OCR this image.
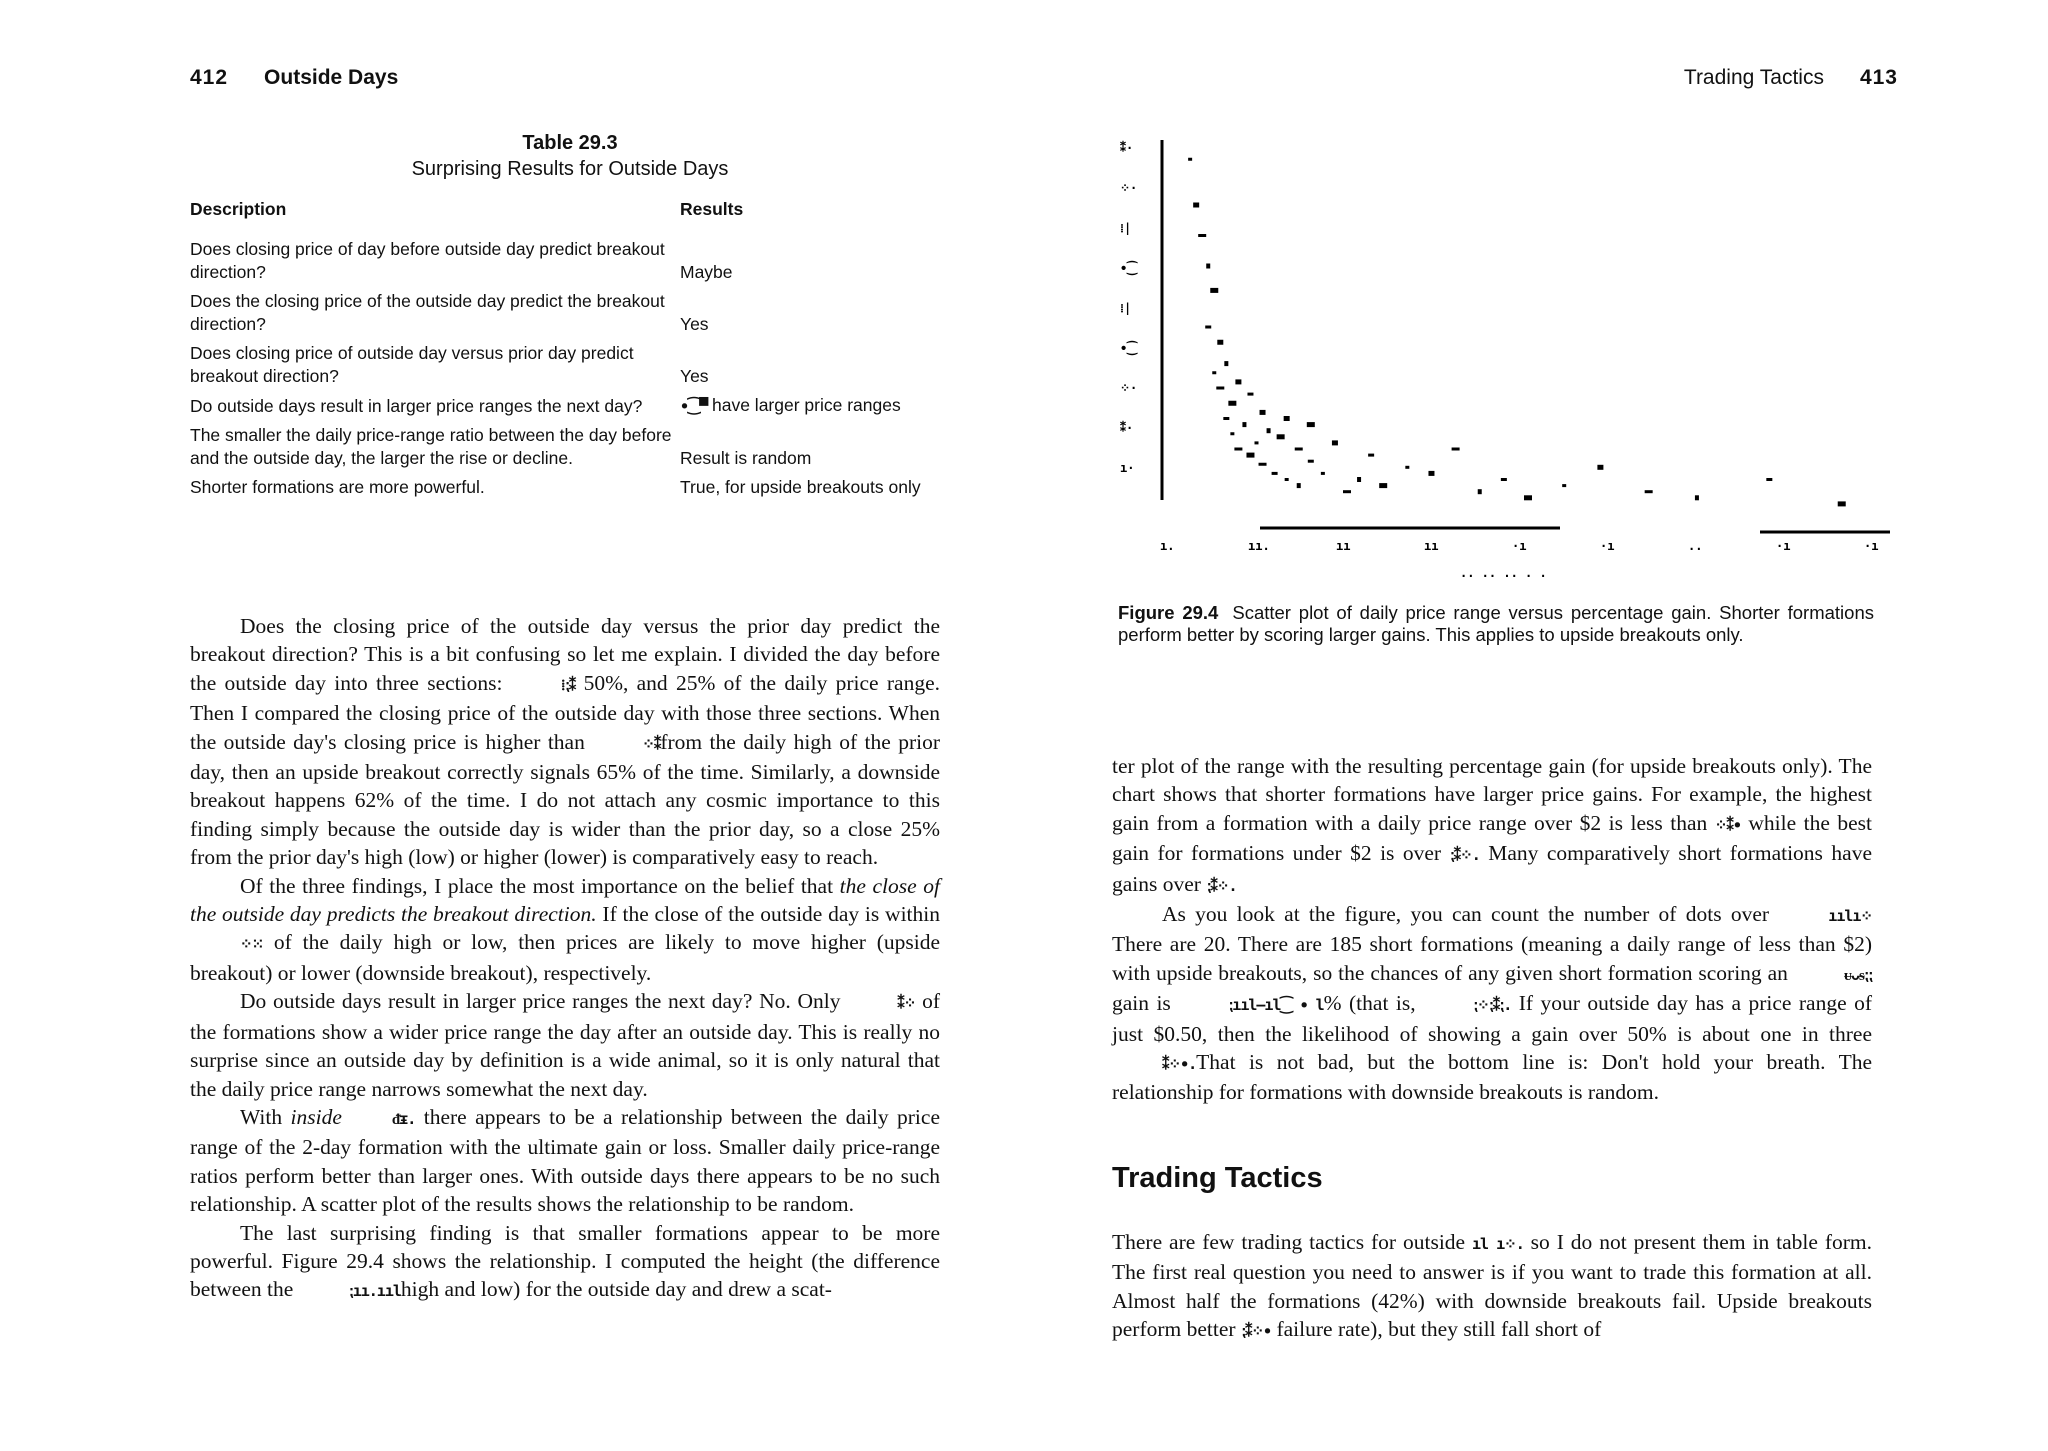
412 Outside Days	Trading Tactics 413
Table 29.3
Surprising Results for Outside Days
Description	Results
Does closing price of day before outside day predict breakout direction?	Maybe
Does the closing price of the outside day predict the breakout direction?	Yes
Does closing price of outside day versus prior day predict breakout direction?	Yes
Do outside days result in larger price ranges the next day?	∙⁐▀ have larger price ranges
The smaller the daily price-range ratio between the day before and the outside day, the larger the rise or decline.	Result is random
Shorter formations are more powerful.	True, for upside breakouts only

Does the closing price of the outside day versus the prior day predict the breakout direction? This is a bit confusing so let me explain. I divided the day before the outside day into three sections:	⁞⁏⁑ 50%, and 25% of the daily price range. Then I compared the closing price of the outside day with those three sections. When the outside day's closing price is higher than	⁘⁑from the daily high of the prior day, then an upside breakout correctly signals 65% of the time. Similarly, a downside breakout happens 62% of the time. I do not attach any cosmic importance to this finding simply because the outside day is wider than the prior day, so a close 25% from the prior day's high (low) or higher (lower) is comparatively easy to reach.

Of the three findings, I place the most importance on the belief that the close of the outside day predicts the breakout direction. If the close of the outside day is within ⁘⁙ of the daily high or low, then prices are likely to move higher (upside breakout) or lower (downside breakout), respectively.

Do outside days result in larger price ranges the next day? No. Only	⁑⁘ of the formations show a wider price range the day after an outside day. This is really no surprise since an outside day by definition is a wide animal, so it is only natural that the daily price range narrows somewhat the next day.

With inside	ᵭᵻ. there appears to be a relationship between the daily price range of the 2-day formation with the ultimate gain or loss. Smaller daily price-range ratios perform better than larger ones. With outside days there appears to be no such relationship. A scatter plot of the results shows the relationship to be random.

The last surprising finding is that smaller formations appear to be more powerful. Figure 29.4 shows the relationship. I computed the height (the difference between the	⁏ıı.ıılhigh and low) for the outside day and drew a scat-

⁑·
⁘·
⁞|
∙⁐
⁞|
∙⁐
⁘·
⁑·
ı·
ı.	ıı.	ıı	ıı	·ı	·ı	..	·ı	·ı
·· ·· ·· · ·
Figure 29.4 Scatter plot of daily price range versus percentage gain. Shorter formations perform better by scoring larger gains. This applies to upside breakouts only.

ter plot of the range with the resulting percentage gain (for upside breakouts only). The chart shows that shorter formations have larger price gains. For example, the highest gain from a formation with a daily price range over $2 is less than ⁘⁑∙ while the best gain for formations under $2 is over ⁏⁑⁘. Many comparatively short formations have gains over ⁏⁑⁘.

As you look at the figure, you can count the number of dots over	ıılı⁘ There are 20. There are 185 short formations (meaning a daily range of less than $2) with upside breakouts, so the chances of any given short formation scoring an	ᵾᴗᵴ⁏⁏ gain is	⁏ııl—ıl⁐ ∙ l% (that is,	⁏⁘⁏⁑⁏. If your outside day has a price range of just $0.50, then the likelihood of showing a gain over 50% is about one in three ⁑⁘∙.That is not bad, but the bottom line is: Don't hold your breath. The relationship for formations with downside breakouts is random.

Trading Tactics

There are few trading tactics for outside ıl ı⁘. so I do not present them in table form. The first real question you need to answer is if you want to trade this formation at all. Almost half the formations (42%) with downside breakouts fail. Upside breakouts perform better ⁏⁑⁘∙ failure rate), but they still fall short of
